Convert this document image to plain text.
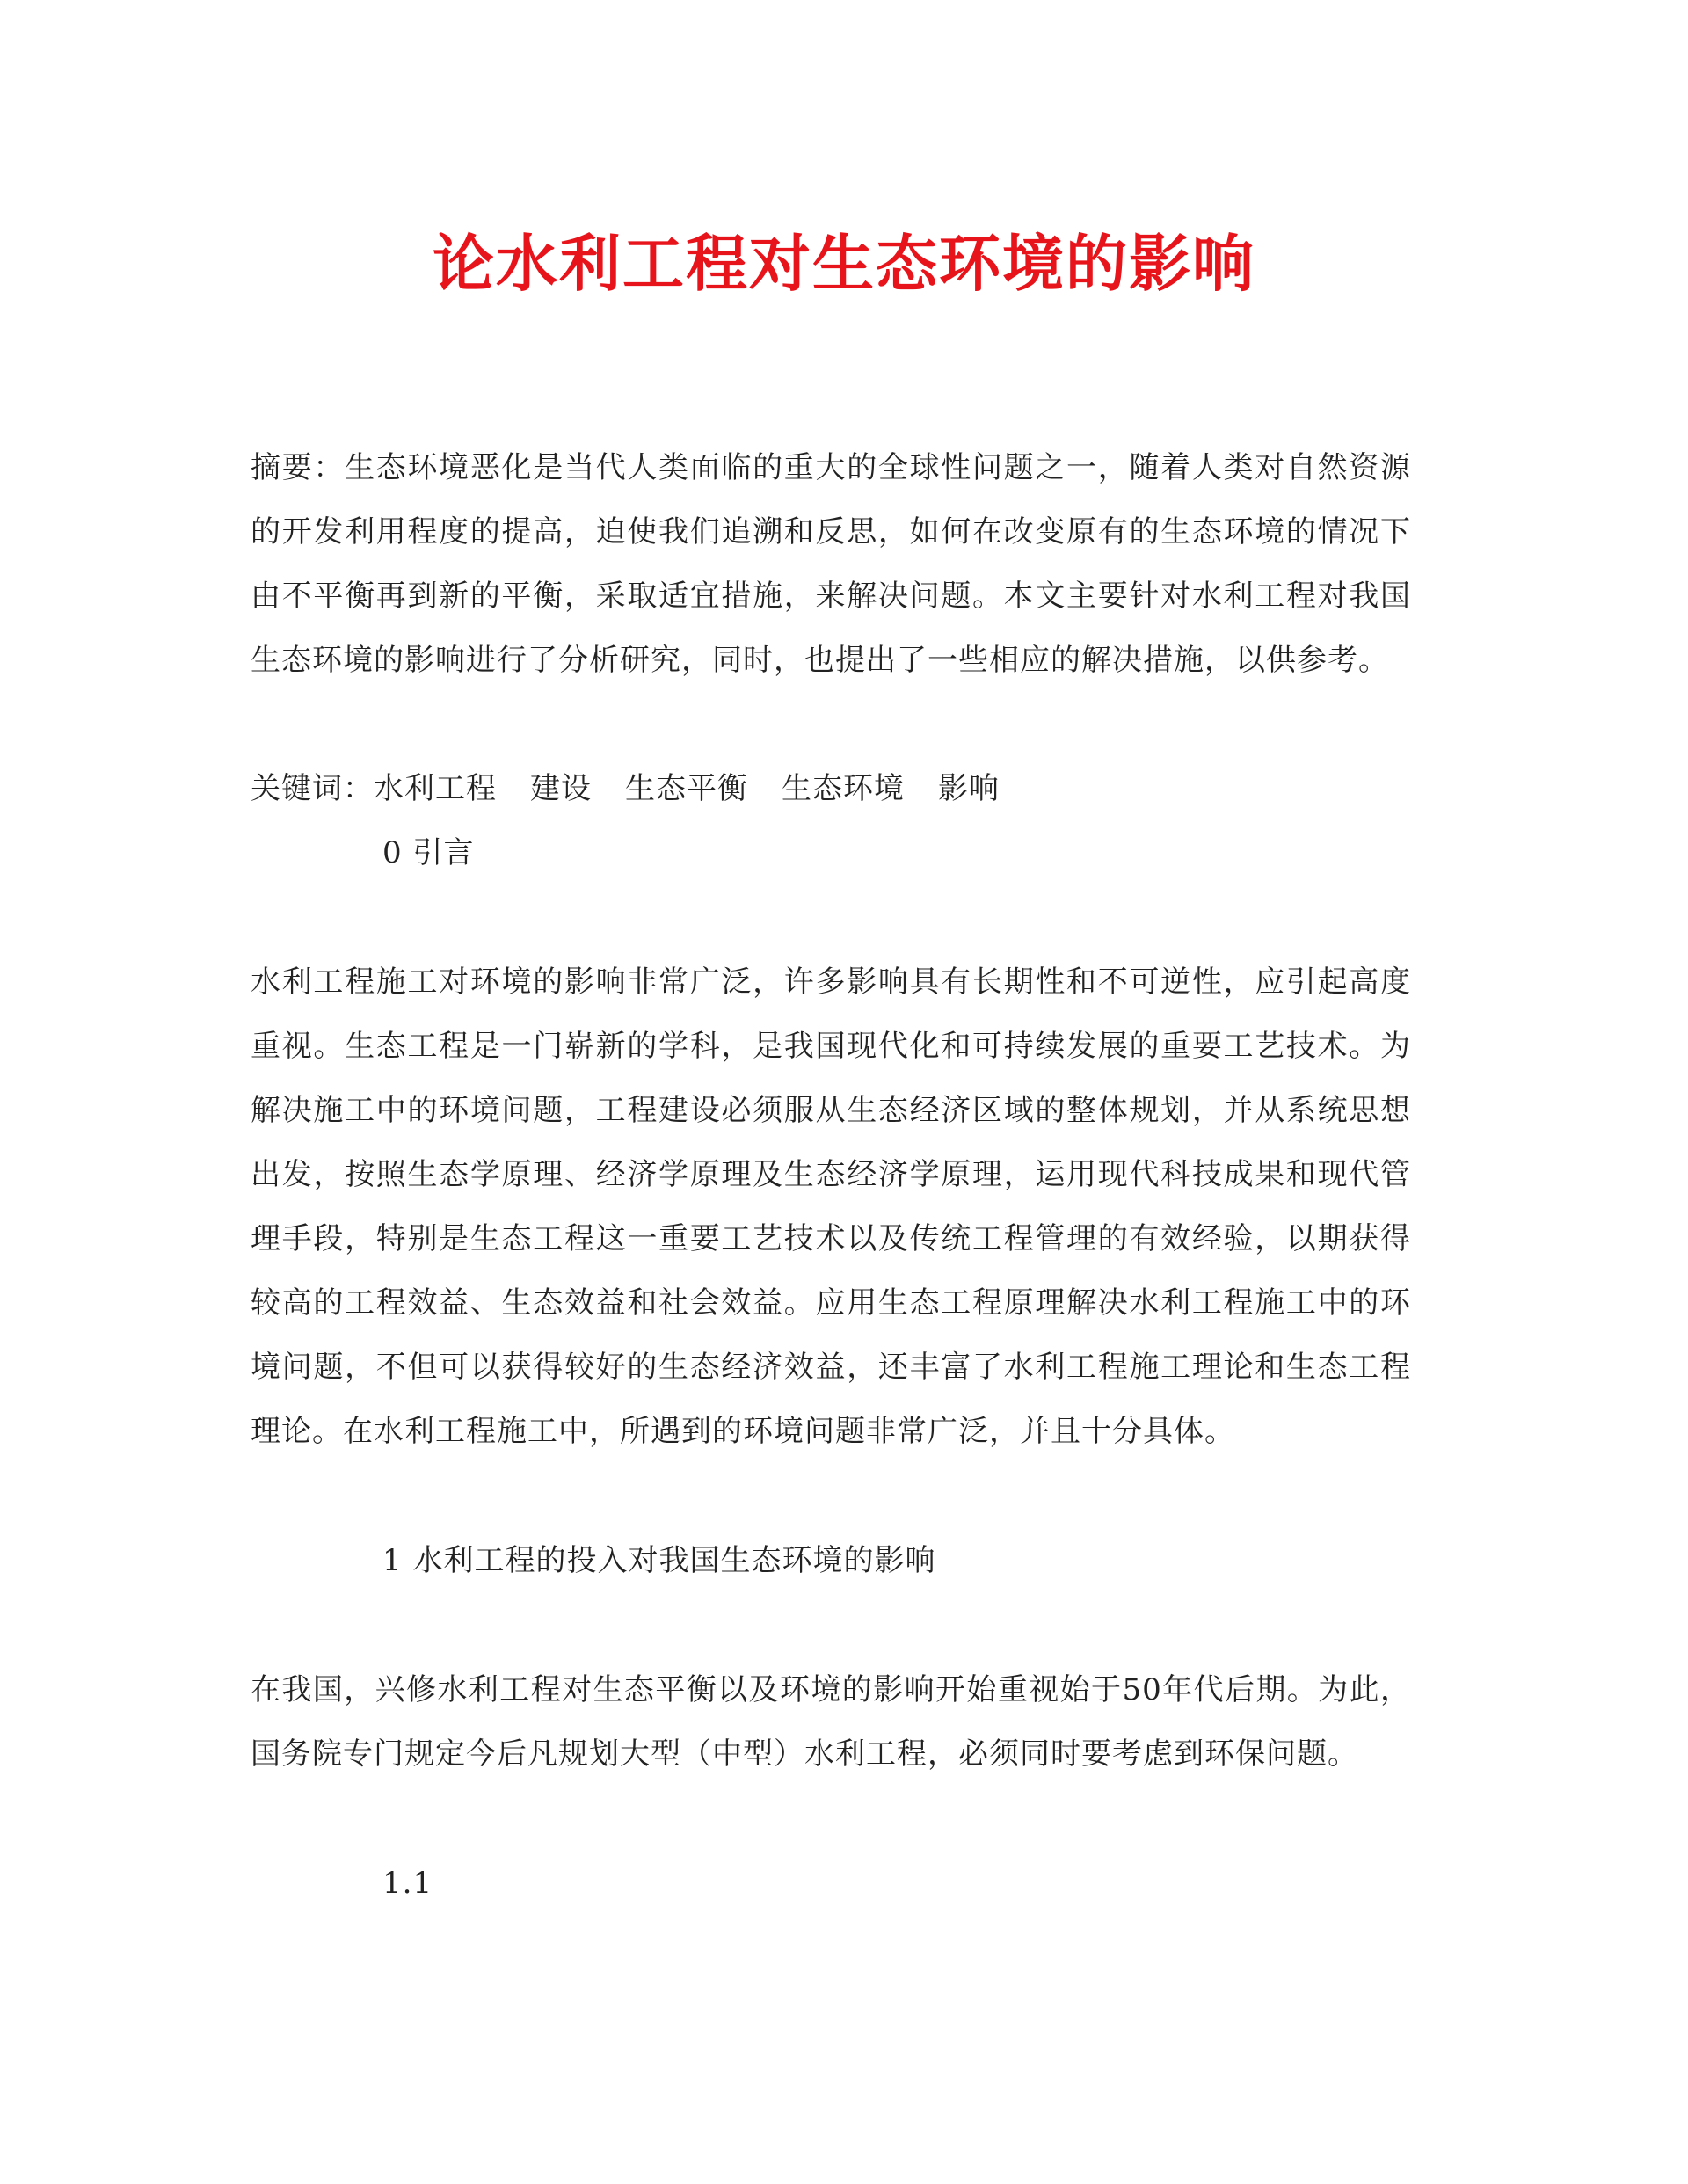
论水利工程对生态环境的影响

摘要：生态环境恶化是当代人类面临的重大的全球性问题之一，随着人类对自然资源的开发利用程度的提高，迫使我们追溯和反思，如何在改变原有的生态环境的情况下由不平衡再到新的平衡，采取适宜措施，来解决问题。本文主要针对水利工程对我国生态环境的影响进行了分析研究，同时，也提出了一些相应的解决措施，以供参考。

关键词：水利工程 建设 生态平衡 生态环境 影响

0 引言

水利工程施工对环境的影响非常广泛，许多影响具有长期性和不可逆性，应引起高度重视。生态工程是一门崭新的学科，是我国现代化和可持续发展的重要工艺技术。为解决施工中的环境问题，工程建设必须服从生态经济区域的整体规划，并从系统思想出发，按照生态学原理、经济学原理及生态经济学原理，运用现代科技成果和现代管理手段，特别是生态工程这一重要工艺技术以及传统工程管理的有效经验，以期获得较高的工程效益、生态效益和社会效益。应用生态工程原理解决水利工程施工中的环境问题，不但可以获得较好的生态经济效益，还丰富了水利工程施工理论和生态工程理论。在水利工程施工中，所遇到的环境问题非常广泛，并且十分具体。

1 水利工程的投入对我国生态环境的影响

在我国，兴修水利工程对生态平衡以及环境的影响开始重视始于50年代后期。为此，国务院专门规定今后凡规划大型（中型）水利工程，必须同时要考虑到环保问题。

1.1
